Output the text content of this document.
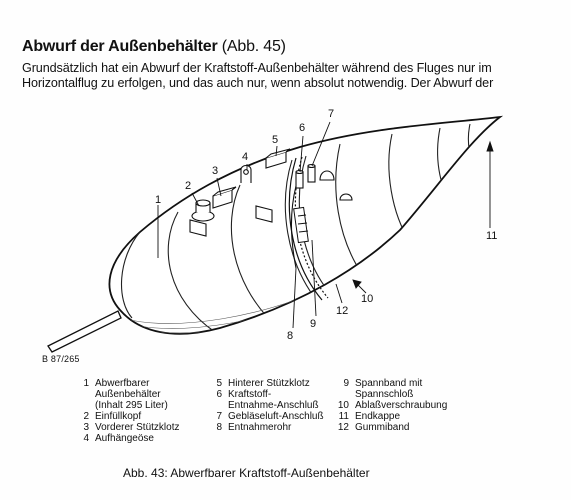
Abwurf der Außenbehälter (Abb. 45)
Grundsätzlich hat ein Abwurf der Kraftstoff-Außenbehälter während des Fluges nur im
Horizontalflug zu erfolgen, und das auch nur, wenn absolut notwendig. Der Abwurf der
1
2
3
4
5
6
7
8
9
10
11
12
B 87/265
1 Abwerfbarer
Außenbehälter
(Inhalt 295 Liter)
2 Einfüllkopf
3 Vorderer Stützklotz
4 Aufhängeöse
5 Hinterer Stützklotz
6 Kraftstoff-
Entnahme-Anschluß
7 Gebläseluft-Anschluß
8 Entnahmerohr
9 Spannband mit
Spannschloß
10 Ablaßverschraubung
11 Endkappe
12 Gummiband
Abb. 43: Abwerfbarer Kraftstoff-Außenbehälter
